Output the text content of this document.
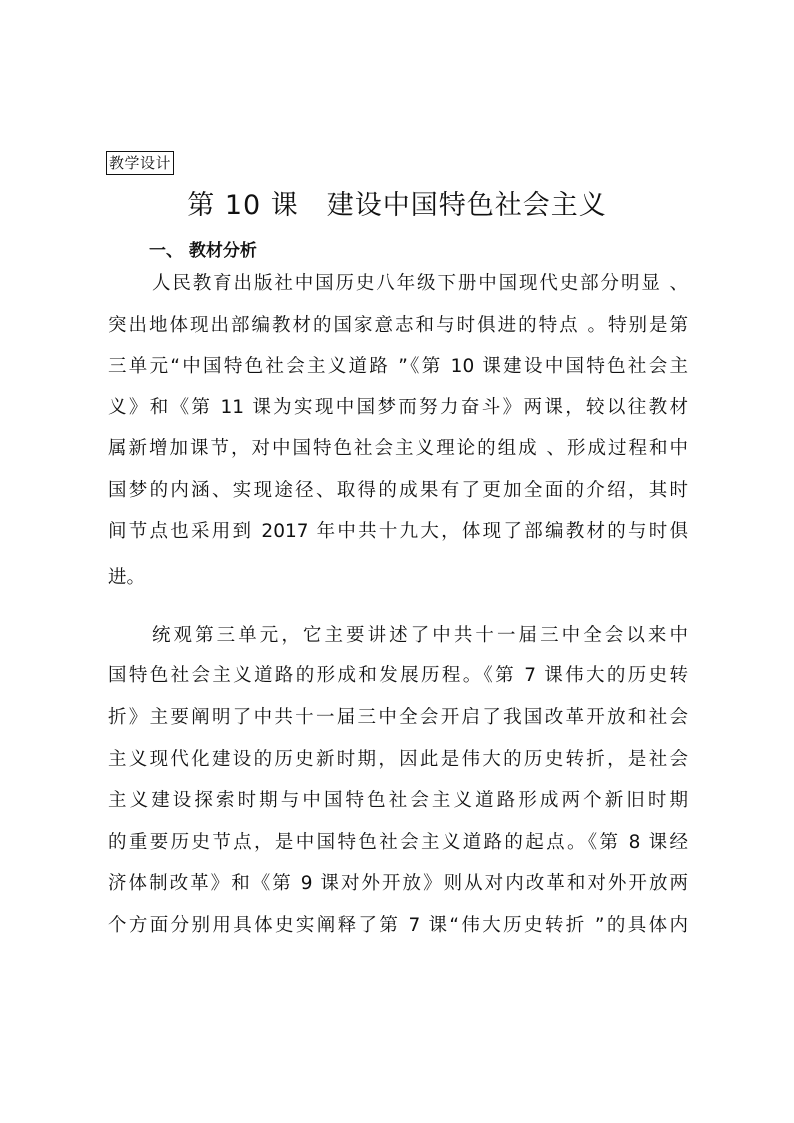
教学设计
第 10 课　建设中国特色社会主义
一、 教材分析
人民教育出版社中国历史八年级下册中国现代史部分明显 、
突出地体现出部编教材的国家意志和与时俱进的特点 。特别是第
三单元“中国特色社会主义道路 ”《第 10 课建设中国特色社会主
义》和《第 11 课为实现中国梦而努力奋斗》两课，较以往教材
属新增加课节，对中国特色社会主义理论的组成 、形成过程和中
国梦的内涵、实现途径、取得的成果有了更加全面的介绍，其时
间节点也采用到 2017 年中共十九大，体现了部编教材的与时俱
进。
统观第三单元，它主要讲述了中共十一届三中全会以来中
国特色社会主义道路的形成和发展历程。《第 7 课伟大的历史转
折》主要阐明了中共十一届三中全会开启了我国改革开放和社会
主义现代化建设的历史新时期，因此是伟大的历史转折，是社会
主义建设探索时期与中国特色社会主义道路形成两个新旧时期
的重要历史节点，是中国特色社会主义道路的起点。《第 8 课经
济体制改革》和《第 9 课对外开放》则从对内改革和对外开放两
个方面分别用具体史实阐释了第 7 课“伟大历史转折 ”的具体内
